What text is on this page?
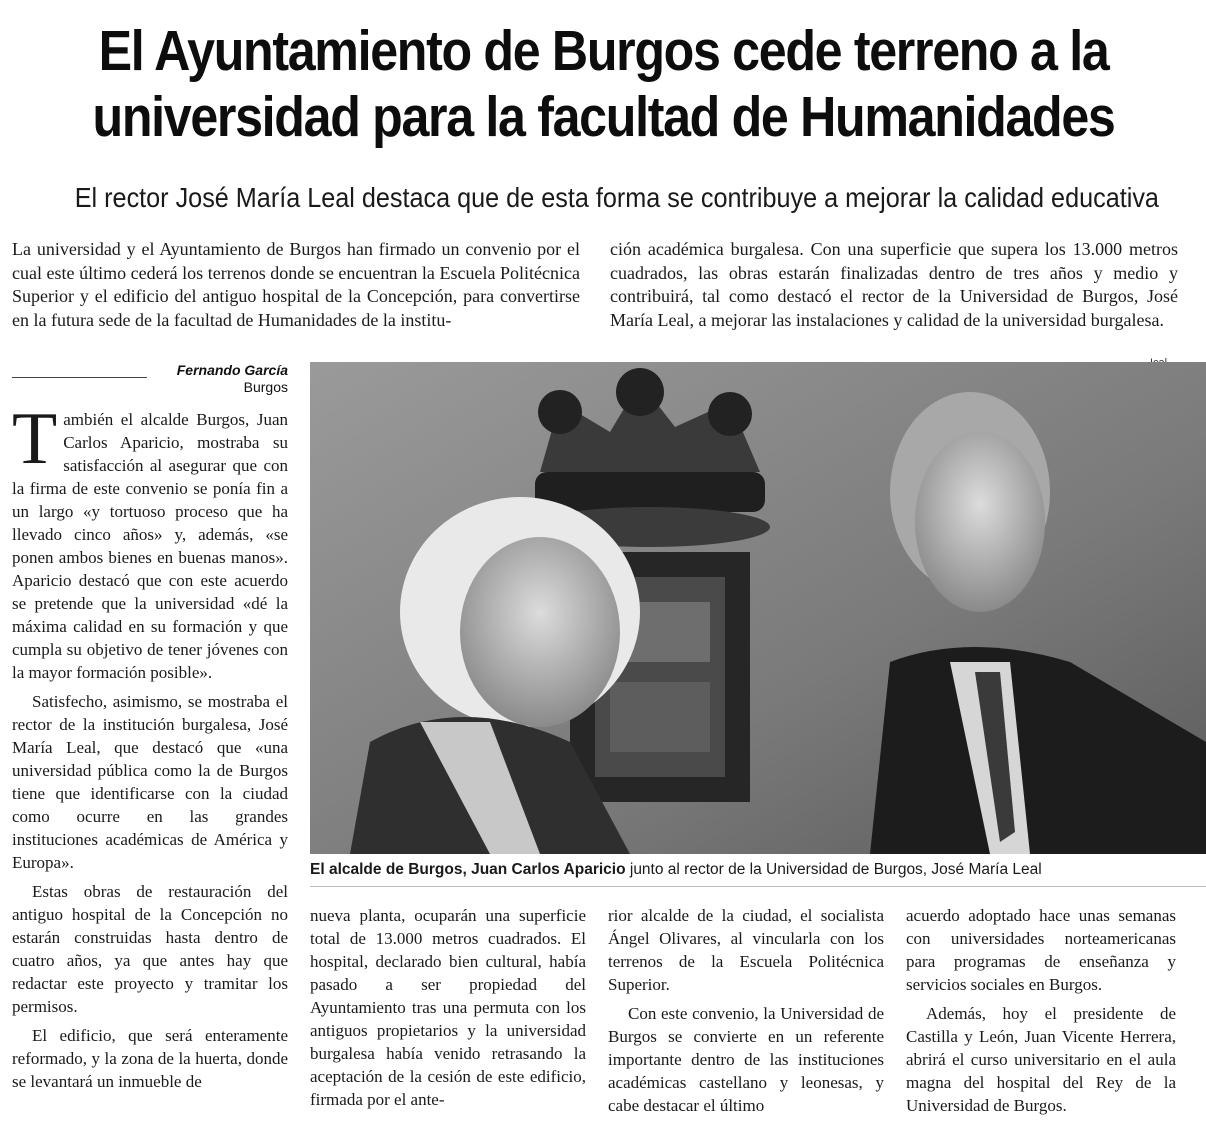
El Ayuntamiento de Burgos cede terreno a la
universidad para la facultad de Humanidades
El rector José María Leal destaca que de esta forma se contribuye a mejorar la calidad educativa
La universidad y el Ayuntamiento de Burgos han firmado un convenio por el cual este último cederá los terrenos donde se encuentran la Escuela Politécnica Superior y el edificio del antiguo hospital de la Concepción, para convertirse en la futura sede de la facultad de Humanidades de la institu-
ción académica burgalesa. Con una superficie que supera los 13.000 metros cuadrados, las obras estarán finalizadas dentro de tres años y medio y contribuirá, tal como destacó el rector de la Universidad de Burgos, José María Leal, a mejorar las instalaciones y calidad de la universidad burgalesa.
Fernando García
Burgos
El alcalde de Burgos, Juan Carlos Aparicio junto al rector de la Universidad de Burgos, José María Leal

También el alcalde Burgos, Juan Carlos Aparicio, mostraba su satisfacción al asegurar que con la firma de este convenio se ponía fin a un largo «y tortuoso proceso que ha llevado cinco años» y, además, «se ponen ambos bienes en buenas manos». Aparicio destacó que con este acuerdo se pretende que la universidad «dé la máxima calidad en su formación y que cumpla su objetivo de tener jóvenes con la mayor formación posible».

Satisfecho, asimismo, se mostraba el rector de la institución burgalesa, José María Leal, que destacó que «una universidad pública como la de Burgos tiene que identificarse con la ciudad como ocurre en las grandes instituciones académicas de América y Europa».

Estas obras de restauración del antiguo hospital de la Concepción no estarán construidas hasta dentro de cuatro años, ya que antes hay que redactar este proyecto y tramitar los permisos.

El edificio, que será enteramente reformado, y la zona de la huerta, donde se levantará un inmueble de

nueva planta, ocuparán una superficie total de 13.000 metros cuadrados. El hospital, declarado bien cultural, había pasado a ser propiedad del Ayuntamiento tras una permuta con los antiguos propietarios y la universidad burgalesa había venido retrasando la aceptación de la cesión de este edificio, firmada por el ante-

rior alcalde de la ciudad, el socialista Ángel Olivares, al vincularla con los terrenos de la Escuela Politécnica Superior.

Con este convenio, la Universidad de Burgos se convierte en un referente importante dentro de las instituciones académicas castellano y leonesas, y cabe destacar el último

acuerdo adoptado hace unas semanas con universidades norteamericanas para programas de enseñanza y servicios sociales en Burgos.

Además, hoy el presidente de Castilla y León, Juan Vicente Herrera, abrirá el curso universitario en el aula magna del hospital del Rey de la Universidad de Burgos.
